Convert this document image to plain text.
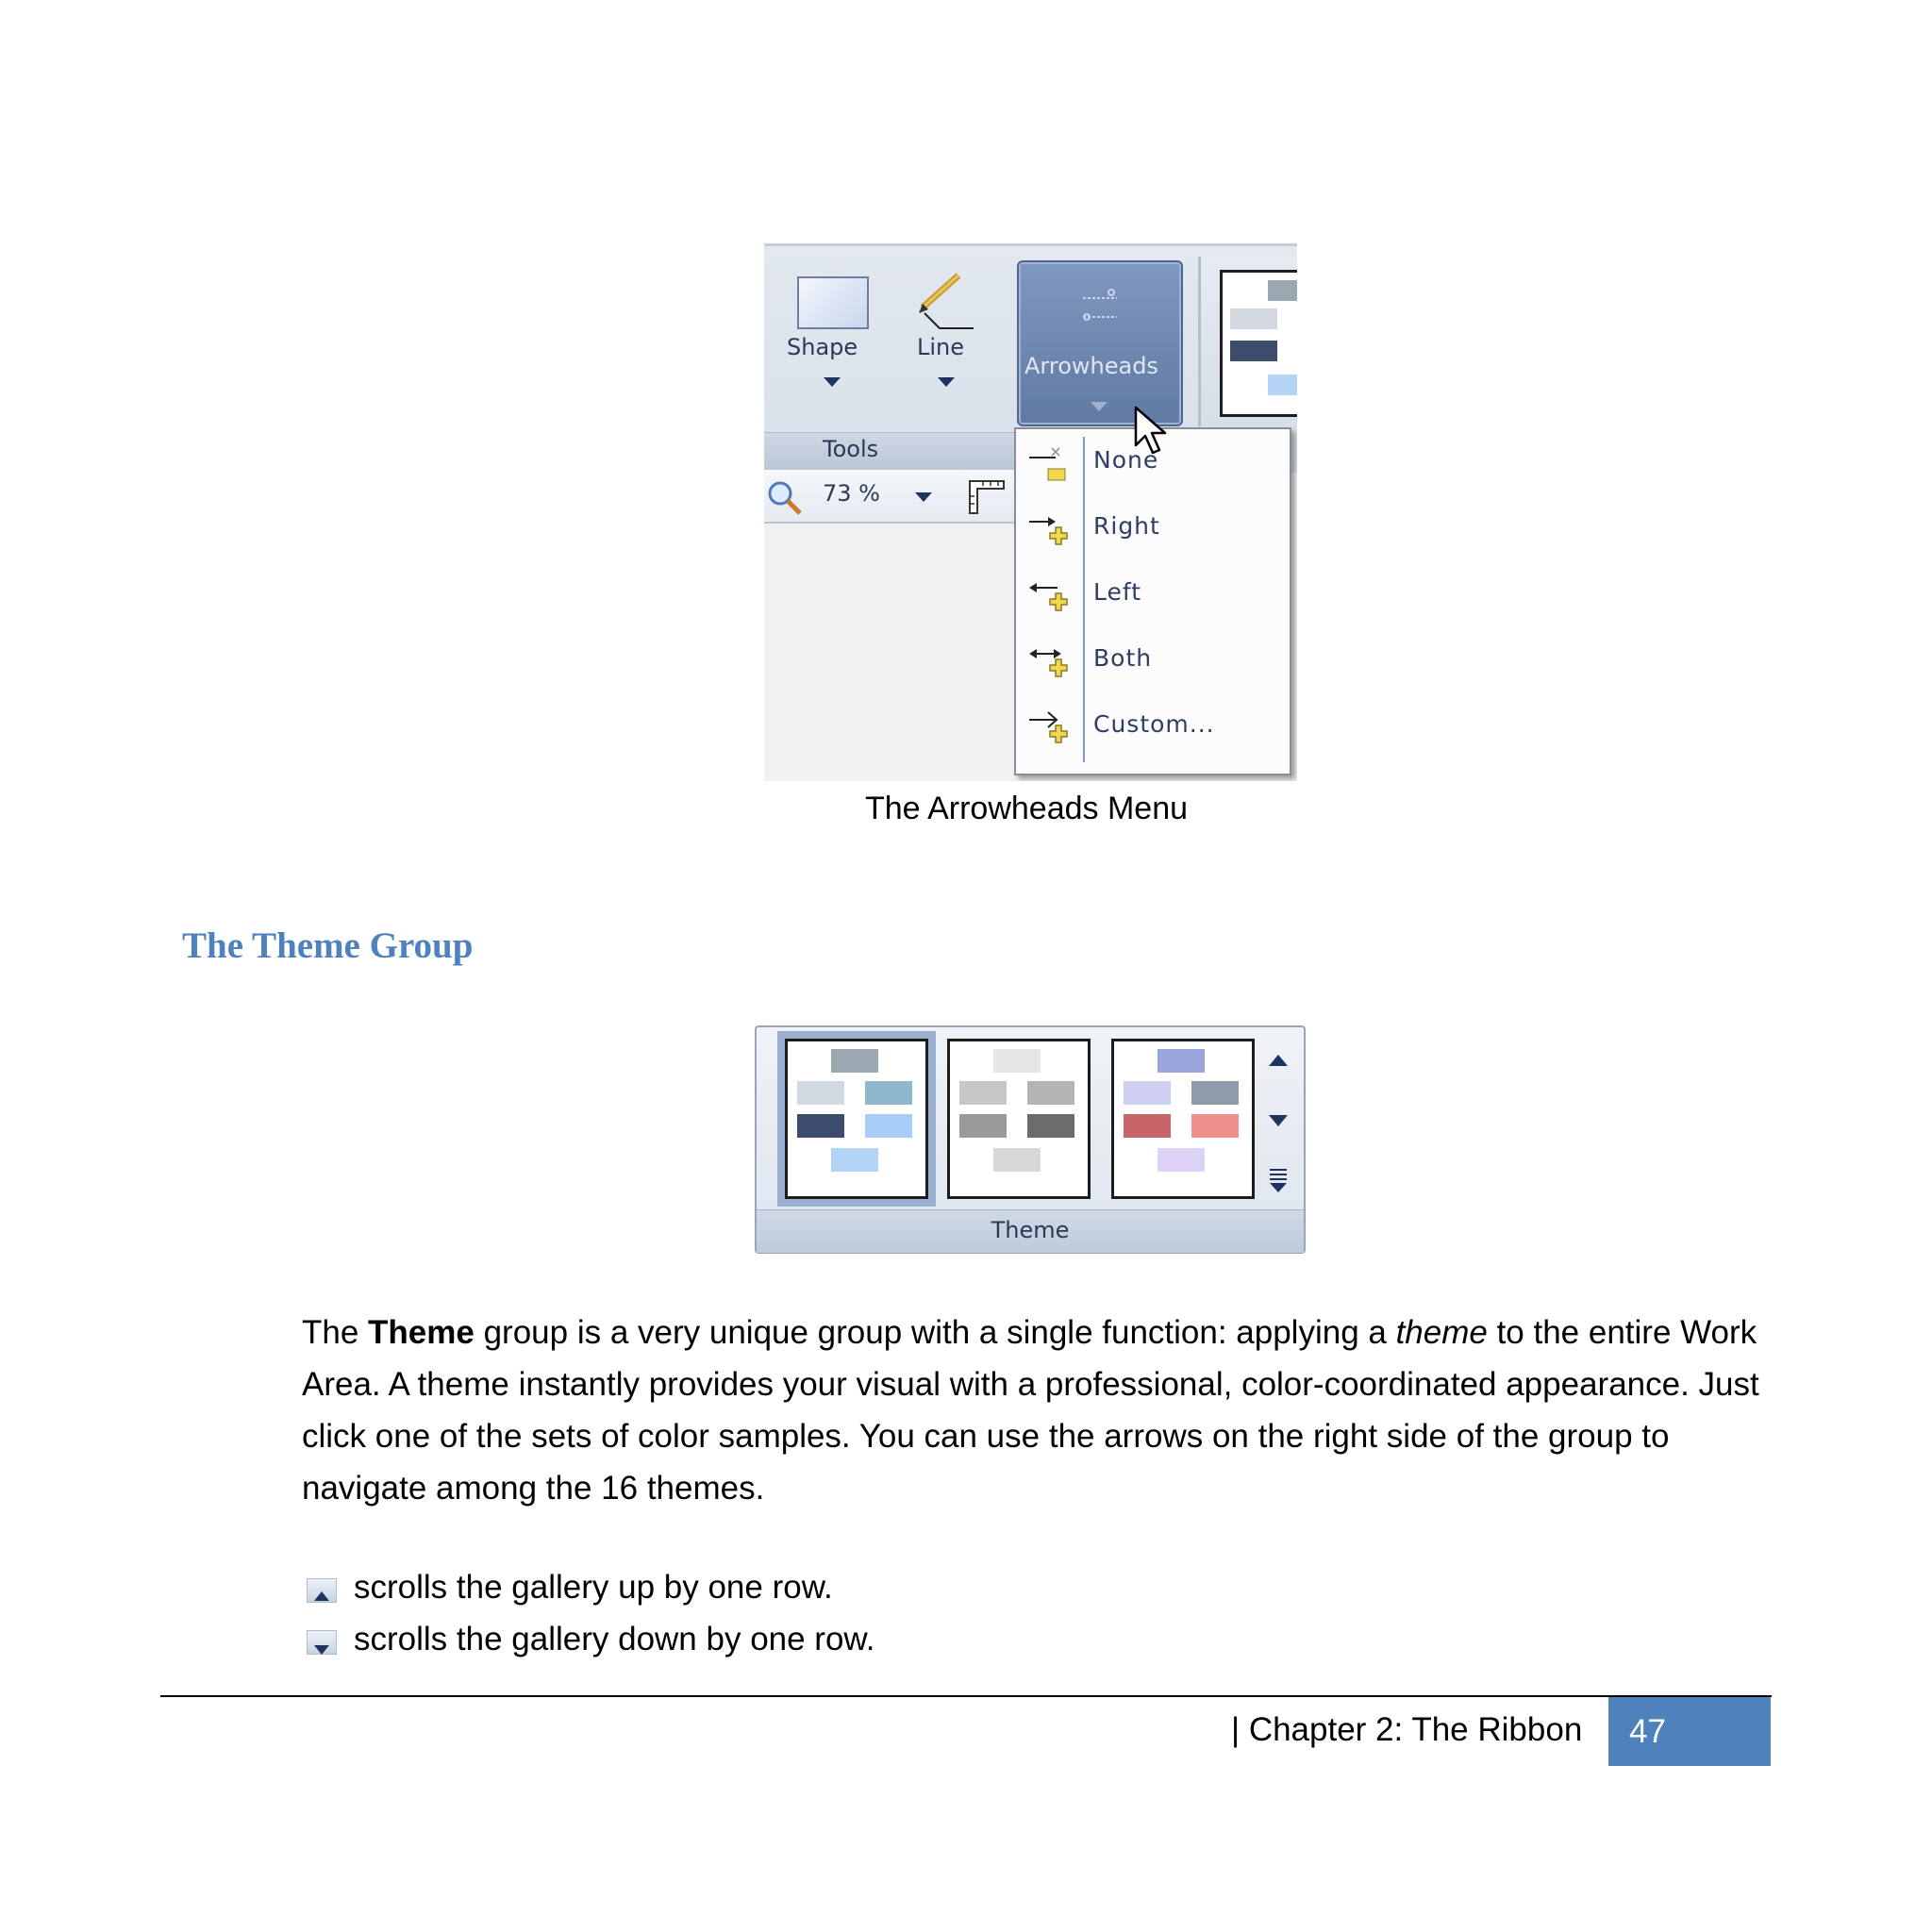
Shape	Line
Arrowheads
Tools
73 %
None
Right
Left
Both
Custom...
The Arrowheads Menu
The Theme Group
Theme
The Theme group is a very unique group with a single function: applying a theme to the entire Work Area. A theme instantly provides your visual with a professional, color-coordinated appearance. Just click one of the sets of color samples. You can use the arrows on the right side of the group to navigate among the 16 themes.
scrolls the gallery up by one row.
scrolls the gallery down by one row.
| Chapter 2: The Ribbon	47
